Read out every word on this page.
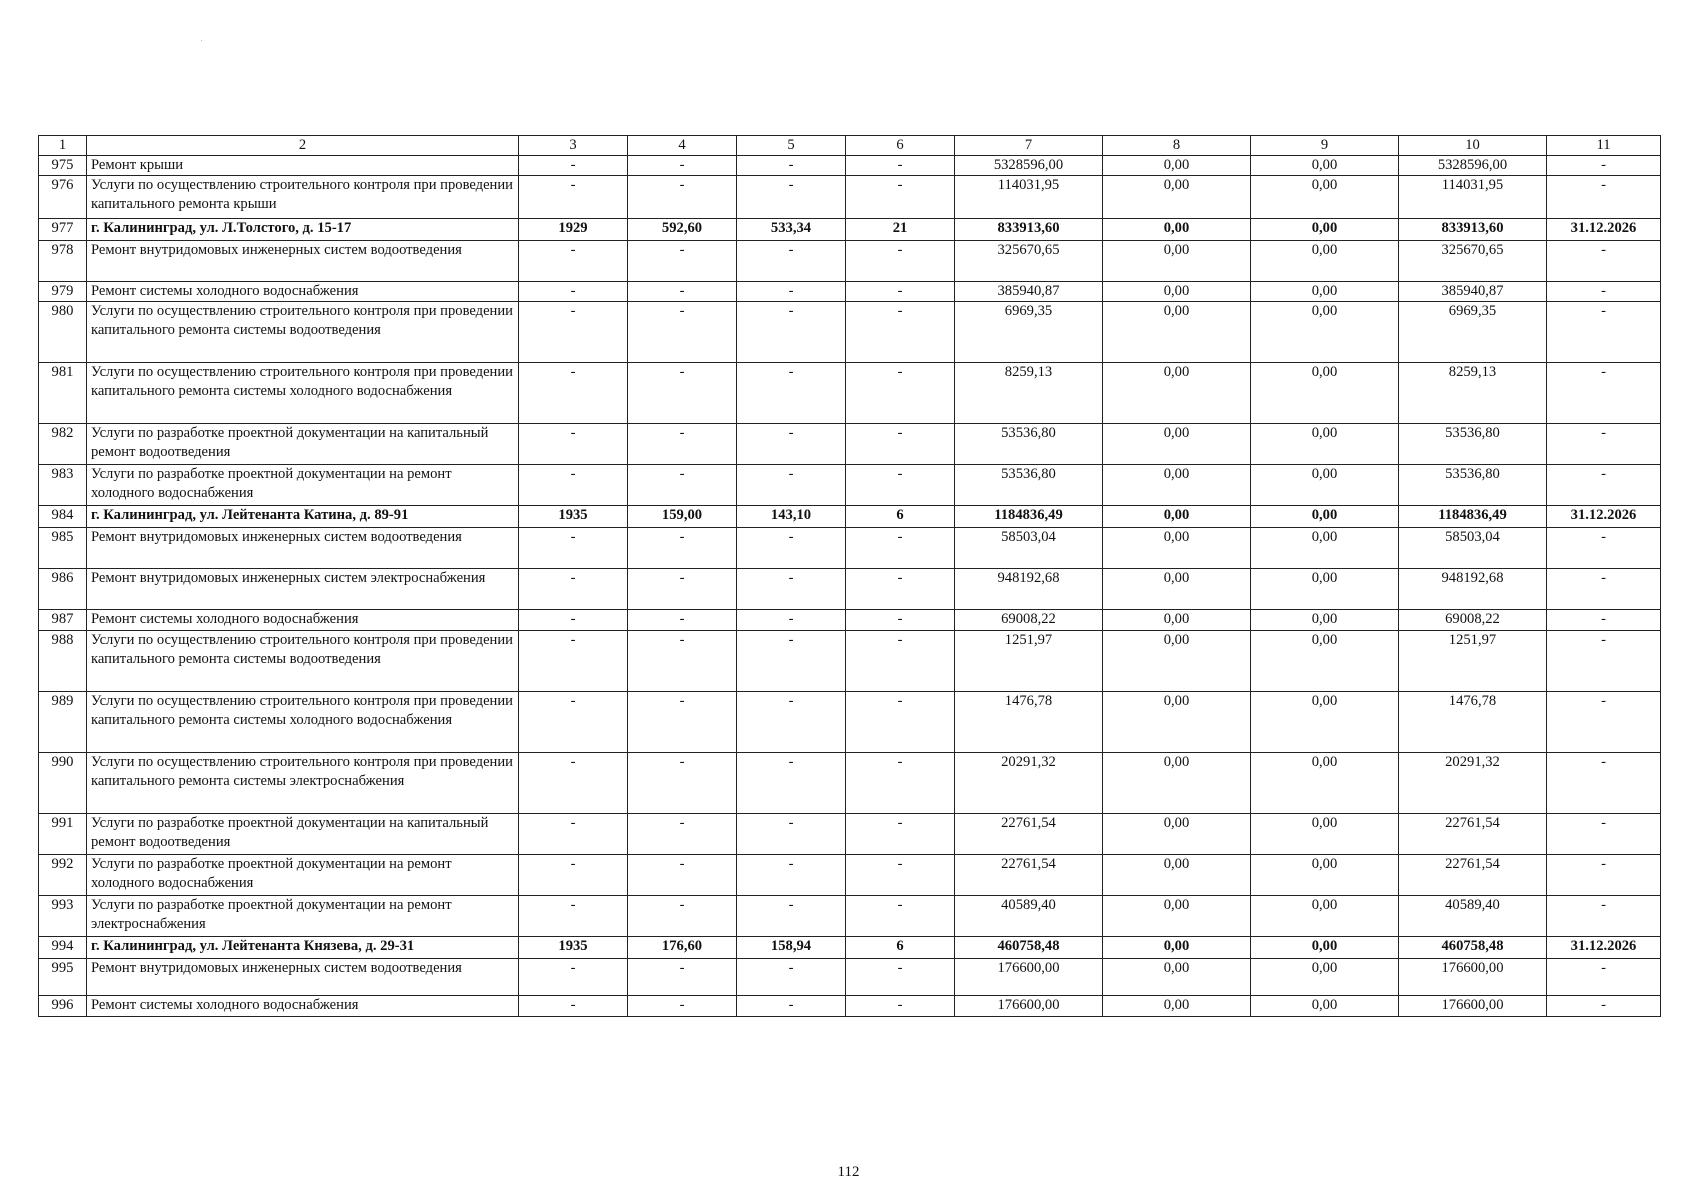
1	2	3	4	5	6	7	8	9	10	11
975	Ремонт крыши	-	-	-	-	5328596,00	0,00	0,00	5328596,00	-
976	Услуги по осуществлению строительного контроля при проведении капитального ремонта крыши	-	-	-	-	114031,95	0,00	0,00	114031,95	-
977	г. Калининград, ул. Л.Толстого, д. 15-17	1929	592,60	533,34	21	833913,60	0,00	0,00	833913,60	31.12.2026
978	Ремонт внутридомовых инженерных систем водоотведения	-	-	-	-	325670,65	0,00	0,00	325670,65	-
979	Ремонт системы холодного водоснабжения	-	-	-	-	385940,87	0,00	0,00	385940,87	-
980	Услуги по осуществлению строительного контроля при проведении капитального ремонта системы водоотведения	-	-	-	-	6969,35	0,00	0,00	6969,35	-
981	Услуги по осуществлению строительного контроля при проведении капитального ремонта системы холодного водоснабжения	-	-	-	-	8259,13	0,00	0,00	8259,13	-
982	Услуги по разработке проектной документации на капитальный ремонт водоотведения	-	-	-	-	53536,80	0,00	0,00	53536,80	-
983	Услуги по разработке проектной документации на ремонт холодного водоснабжения	-	-	-	-	53536,80	0,00	0,00	53536,80	-
984	г. Калининград, ул. Лейтенанта Катина, д. 89-91	1935	159,00	143,10	6	1184836,49	0,00	0,00	1184836,49	31.12.2026
985	Ремонт внутридомовых инженерных систем водоотведения	-	-	-	-	58503,04	0,00	0,00	58503,04	-
986	Ремонт внутридомовых инженерных систем электроснабжения	-	-	-	-	948192,68	0,00	0,00	948192,68	-
987	Ремонт системы холодного водоснабжения	-	-	-	-	69008,22	0,00	0,00	69008,22	-
988	Услуги по осуществлению строительного контроля при проведении капитального ремонта системы водоотведения	-	-	-	-	1251,97	0,00	0,00	1251,97	-
989	Услуги по осуществлению строительного контроля при проведении капитального ремонта системы холодного водоснабжения	-	-	-	-	1476,78	0,00	0,00	1476,78	-
990	Услуги по осуществлению строительного контроля при проведении капитального ремонта системы электроснабжения	-	-	-	-	20291,32	0,00	0,00	20291,32	-
991	Услуги по разработке проектной документации на капитальный ремонт водоотведения	-	-	-	-	22761,54	0,00	0,00	22761,54	-
992	Услуги по разработке проектной документации на ремонт холодного водоснабжения	-	-	-	-	22761,54	0,00	0,00	22761,54	-
993	Услуги по разработке проектной документации на ремонт электроснабжения	-	-	-	-	40589,40	0,00	0,00	40589,40	-
994	г. Калининград, ул. Лейтенанта Князева, д. 29-31	1935	176,60	158,94	6	460758,48	0,00	0,00	460758,48	31.12.2026
995	Ремонт внутридомовых инженерных систем водоотведения	-	-	-	-	176600,00	0,00	0,00	176600,00	-
996	Ремонт системы холодного водоснабжения	-	-	-	-	176600,00	0,00	0,00	176600,00	-
112
